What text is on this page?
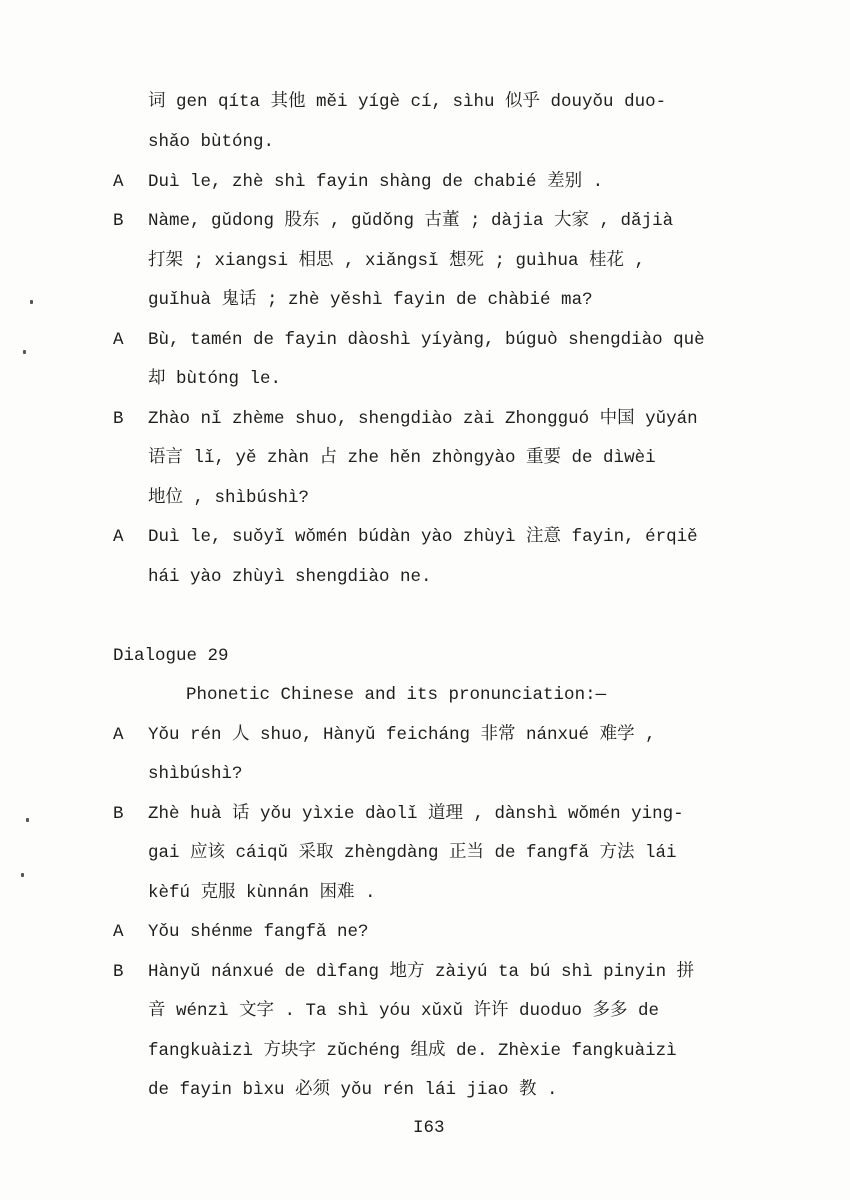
词 gen qíta 其他 měi yígè cí, sìhu 似乎 douyǒu duo-

shǎo bùtóng.

A	Duì le, zhè shì fayin shàng de chabié 差别 .

B	Nàme, gǔdong 股东 , gǔdǒng 古董 ; dàjia 大家 , dǎjià

打架 ; xiangsi 相思 , xiǎngsǐ 想死 ; guìhua 桂花 ,

guǐhuà 鬼话 ; zhè yěshì fayin de chàbié ma?

A	Bù, tamén de fayin dàoshì yíyàng, búguò shengdiào què

却 bùtóng le.

B	Zhào nǐ zhème shuo, shengdiào zài Zhongguó 中国 yǔyán

语言 lǐ, yě zhàn 占 zhe hěn zhòngyào 重要 de dìwèi

地位 , shìbúshì?

A	Duì le, suǒyǐ wǒmén búdàn yào zhùyì 注意 fayin, érqiě

hái yào zhùyì shengdiào ne.

Dialogue 29

Phonetic Chinese and its pronunciation:—

A	Yǒu rén 人 shuo, Hànyǔ feicháng 非常 nánxué 难学 ,

shìbúshì?

B	Zhè huà 话 yǒu yìxie dàolǐ 道理 , dànshì wǒmén ying-

gai 应该 cáiqǔ 采取 zhèngdàng 正当 de fangfǎ 方法 lái

kèfú 克服 kùnnán 困难 .

A	Yǒu shénme fangfǎ ne?

B	Hànyǔ nánxué de dìfang 地方 zàiyú ta bú shì pinyin 拼

音 wénzì 文字 . Ta shì yóu xǔxǔ 许许 duoduo 多多 de

fangkuàizì 方块字 zǔchéng 组成 de. Zhèxie fangkuàizì

de fayin bìxu 必须 yǒu rén lái jiao 教 .

I63
